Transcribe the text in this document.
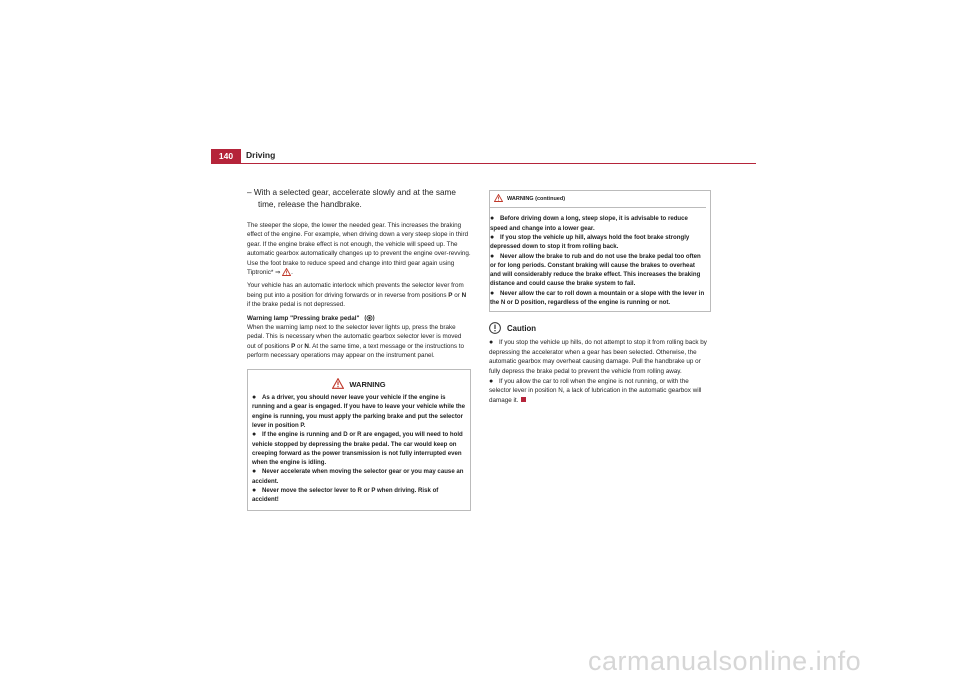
140	Driving
– With a selected gear, accelerate slowly and at the same time, release the handbrake.

The steeper the slope, the lower the needed gear. This increases the braking effect of the engine. For example, when driving down a very steep slope in third gear. If the engine brake effect is not enough, the vehicle will speed up. The automatic gearbox automatically changes up to prevent the engine over-revving. Use the foot brake to reduce speed and change into third gear again using Tiptronic* ⇒ .

Your vehicle has an automatic interlock which prevents the selector lever from being put into a position for driving forwards or in reverse from positions P or N if the brake pedal is not depressed.

Warning lamp "Pressing brake pedal"

When the warning lamp next to the selector lever lights up, press the brake pedal. This is necessary when the automatic gearbox selector lever is moved out of positions P or N. At the same time, a text message or the instructions to perform necessary operations may appear on the instrument panel.

WARNING
● As a driver, you should never leave your vehicle if the engine is running and a gear is engaged. If you have to leave your vehicle while the engine is running, you must apply the parking brake and put the selector lever in position P.
● If the engine is running and D or R are engaged, you will need to hold vehicle stopped by depressing the brake pedal. The car would keep on creeping forward as the power transmission is not fully interrupted even when the engine is idling.
● Never accelerate when moving the selector gear or you may cause an accident.
● Never move the selector lever to R or P when driving. Risk of accident!
WARNING (continued)
● Before driving down a long, steep slope, it is advisable to reduce speed and change into a lower gear.
● If you stop the vehicle up hill, always hold the foot brake strongly depressed down to stop it from rolling back.
● Never allow the brake to rub and do not use the brake pedal too often or for long periods. Constant braking will cause the brakes to overheat and will considerably reduce the brake effect. This increases the braking distance and could cause the brake system to fail.
● Never allow the car to roll down a mountain or a slope with the lever in the N or D position, regardless of the engine is running or not.
Caution
● If you stop the vehicle up hills, do not attempt to stop it from rolling back by depressing the accelerator when a gear has been selected. Otherwise, the automatic gearbox may overheat causing damage. Pull the handbrake up or fully depress the brake pedal to prevent the vehicle from rolling away.
● If you allow the car to roll when the engine is not running, or with the selector lever in position N, a lack of lubrication in the automatic gearbox will damage it.
carmanualsonline.info
